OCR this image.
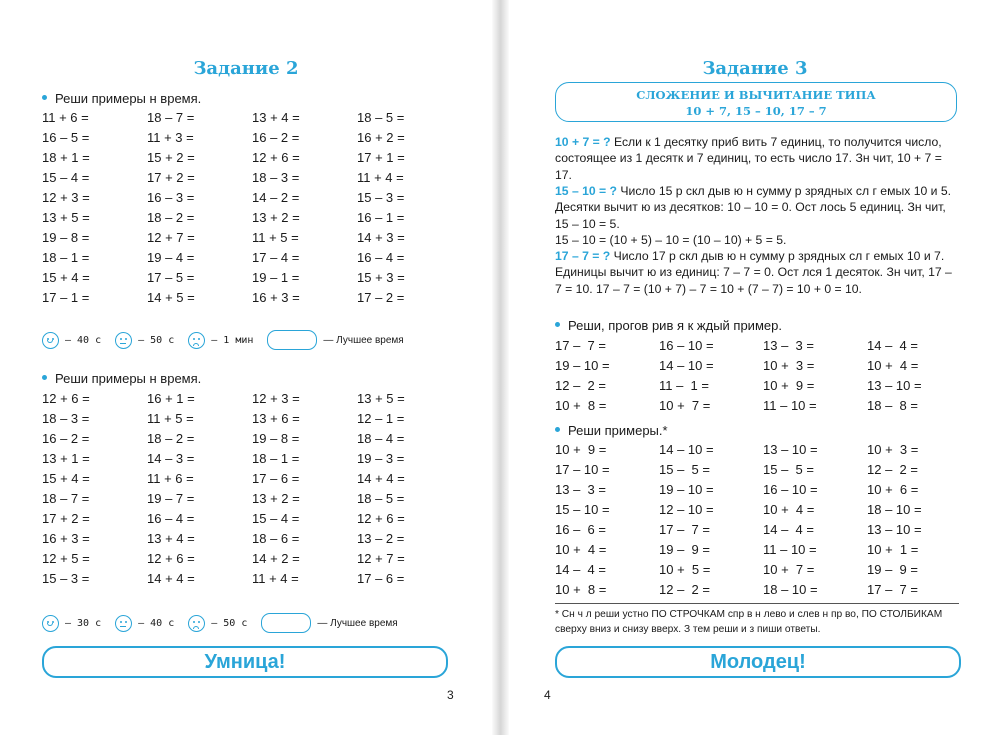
Задание 2
Реши примеры н время.
11 + 6 =	18 – 7 =	13 + 4 =	18 – 5 =
16 – 5 =	11 + 3 =	16 – 2 =	16 + 2 =
18 + 1 =	15 + 2 =	12 + 6 =	17 + 1 =
15 – 4 =	17 + 2 =	18 – 3 =	11 + 4 =
12 + 3 =	16 – 3 =	14 – 2 =	15 – 3 =
13 + 5 =	18 – 2 =	13 + 2 =	16 – 1 =
19 – 8 =	12 + 7 =	11 + 5 =	14 + 3 =
18 – 1 =	19 – 4 =	17 – 4 =	16 – 4 =
15 + 4 =	17 – 5 =	19 – 1 =	15 + 3 =
17 – 1 =	14 + 5 =	16 + 3 =	17 – 2 =
— 40 с	— 50 с	— 1 мин	— Лучшее время
Реши примеры н время.
12 + 6 =	16 + 1 =	12 + 3 =	13 + 5 =
18 – 3 =	11 + 5 =	13 + 6 =	12 – 1 =
16 – 2 =	18 – 2 =	19 – 8 =	18 – 4 =
13 + 1 =	14 – 3 =	18 – 1 =	19 – 3 =
15 + 4 =	11 + 6 =	17 – 6 =	14 + 4 =
18 – 7 =	19 – 7 =	13 + 2 =	18 – 5 =
17 + 2 =	16 – 4 =	15 – 4 =	12 + 6 =
16 + 3 =	13 + 4 =	18 – 6 =	13 – 2 =
12 + 5 =	12 + 6 =	14 + 2 =	12 + 7 =
15 – 3 =	14 + 4 =	11 + 4 =	17 – 6 =
— 30 с	— 40 с	— 50 с	— Лучшее время
Умница!
3
Задание 3
СЛОЖЕНИЕ И ВЫЧИТАНИЕ ТИПА
10 + 7, 15 – 10, 17 – 7
10 + 7 = ? Если к 1 десятку приб вить 7 единиц, то получится число, состоящее из 1 десятк и 7 единиц, то есть число 17. Зн чит, 10 + 7 = 17.
15 – 10 = ? Число 15 р скл дыв ю н сумму р зрядных сл г емых 10 и 5. Десятки вычит ю из десятков: 10 – 10 = 0. Ост лось 5 единиц. Зн чит, 15 – 10 = 5.
15 – 10 = (10 + 5) – 10 = (10 – 10) + 5 = 5.
17 – 7 = ? Число 17 р скл дыв ю н сумму р зрядных сл г емых 10 и 7. Единицы вычит ю из единиц: 7 – 7 = 0. Ост лся 1 десяток. Зн чит, 17 – 7 = 10. 17 – 7 = (10 + 7) – 7 = 10 + (7 – 7) = 10 + 0 = 10.
Реши, прогов рив я к ждый пример.
17 –  7 =	16 – 10 =	13 –  3 =	14 –  4 =
19 – 10 =	14 – 10 =	10 +  3 =	10 +  4 =
12 –  2 =	11 –  1 =	10 +  9 =	13 – 10 =
10 +  8 =	10 +  7 =	11 – 10 =	18 –  8 =
Реши примеры.*
10 +  9 =	14 – 10 =	13 – 10 =	10 +  3 =
17 – 10 =	15 –  5 =	15 –  5 =	12 –  2 =
13 –  3 =	19 – 10 =	16 – 10 =	10 +  6 =
15 – 10 =	12 – 10 =	10 +  4 =	18 – 10 =
16 –  6 =	17 –  7 =	14 –  4 =	13 – 10 =
10 +  4 =	19 –  9 =	11 – 10 =	10 +  1 =
14 –  4 =	10 +  5 =	10 +  7 =	19 –  9 =
10 +  8 =	12 –  2 =	18 – 10 =	17 –  7 =
* Сн ч л реши устно ПО СТРОЧКАМ спр в н лево и слев н пр во, ПО СТОЛБИКАМ сверху вниз и снизу вверх. З тем реши и з пиши ответы.
Молодец!
4
